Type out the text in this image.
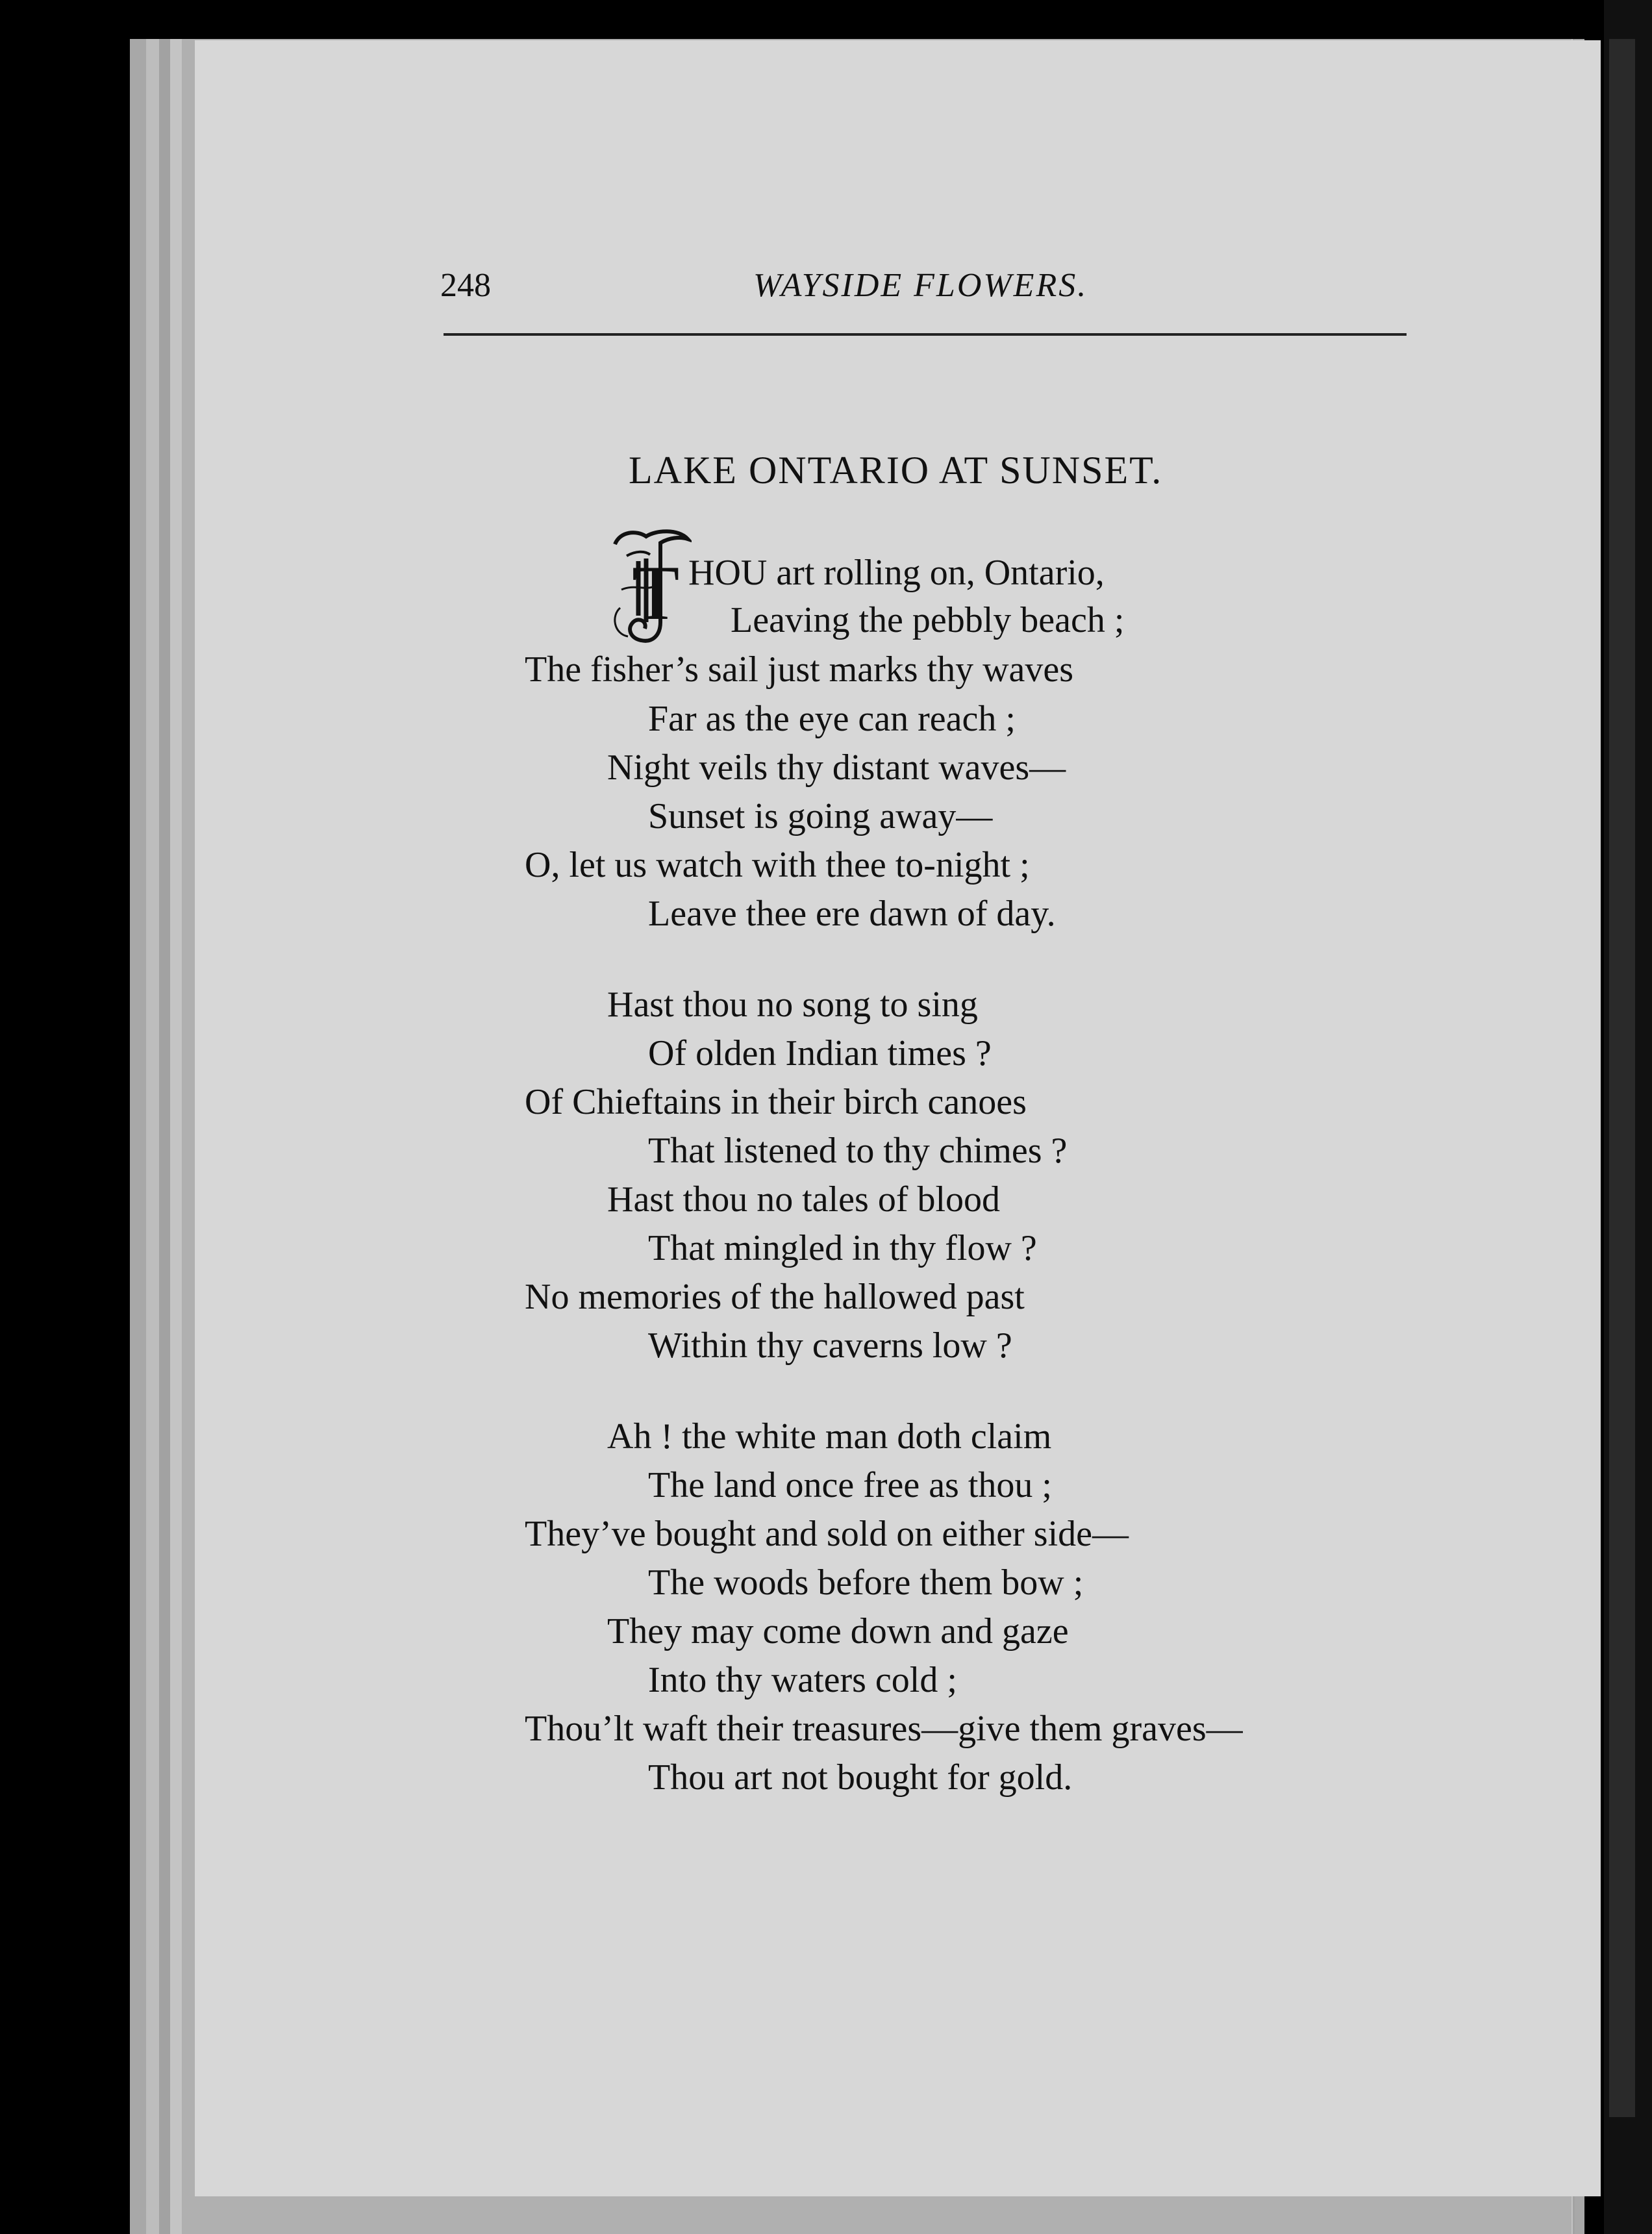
248	WAYSIDE FLOWERS.
LAKE ONTARIO AT SUNSET.
T HOU art rolling on, Ontario,
Leaving the pebbly beach ;
The fisher’s sail just marks thy waves
Far as the eye can reach ;
Night veils thy distant waves—
Sunset is going away—
O, let us watch with thee to-night ;
Leave thee ere dawn of day.
Hast thou no song to sing
Of olden Indian times ?
Of Chieftains in their birch canoes
That listened to thy chimes ?
Hast thou no tales of blood
That mingled in thy flow ?
No memories of the hallowed past
Within thy caverns low ?
Ah ! the white man doth claim
The land once free as thou ;
They’ve bought and sold on either side—
The woods before them bow ;
They may come down and gaze
Into thy waters cold ;
Thou’lt waft their treasures—give them graves—
Thou art not bought for gold.
